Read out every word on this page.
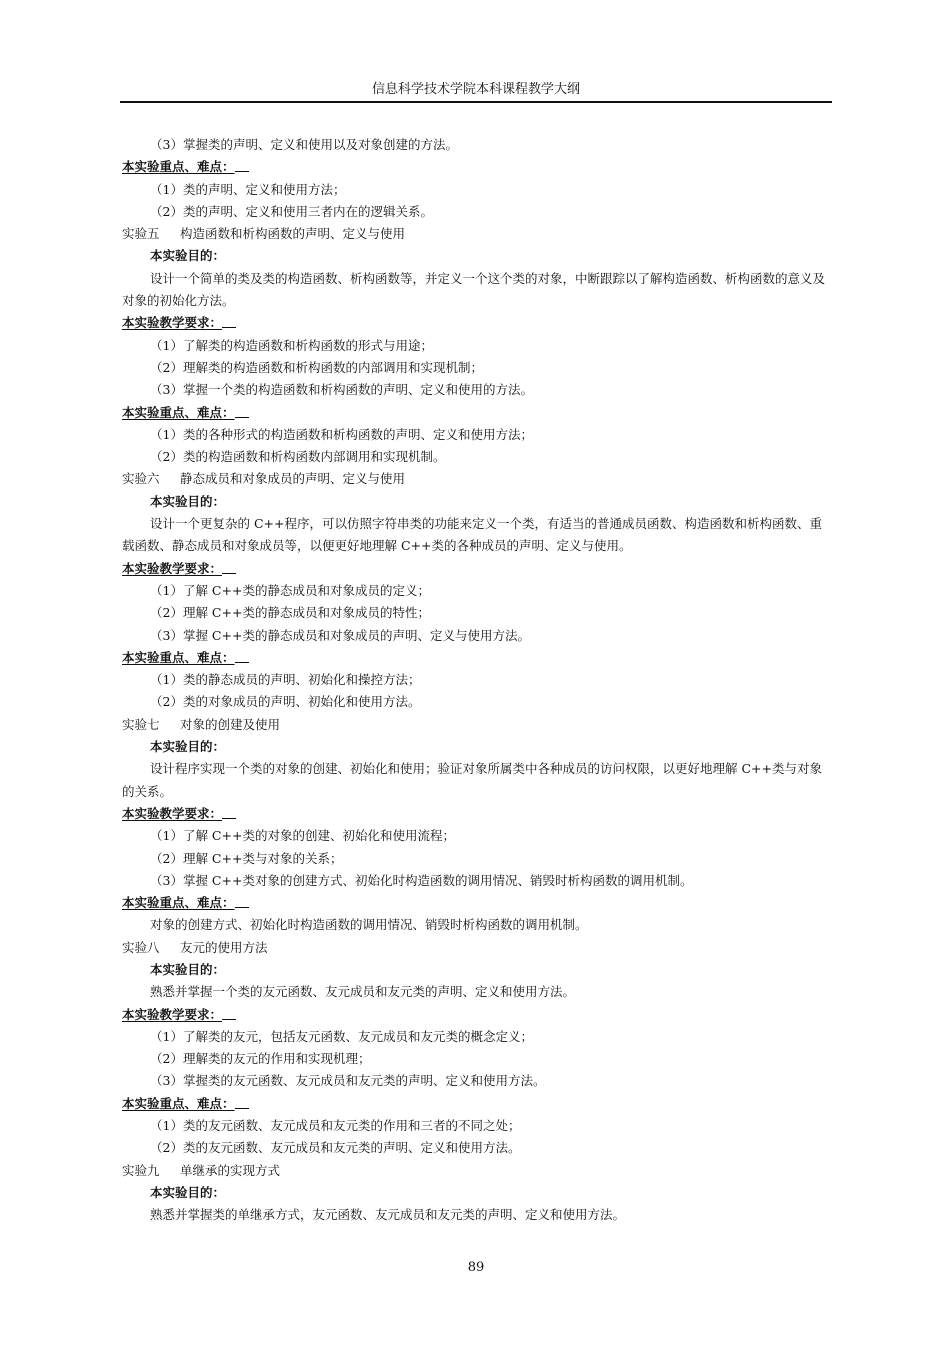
信息科学技术学院本科课程教学大纲
（3）掌握类的声明、定义和使用以及对象创建的方法。
本实验重点、难点：
（1）类的声明、定义和使用方法；
（2）类的声明、定义和使用三者内在的逻辑关系。
实验五 构造函数和析构函数的声明、定义与使用
本实验目的：
设计一个简单的类及类的构造函数、析构函数等，并定义一个这个类的对象，中断跟踪以了解构造函数、析构函数的意义及对象的初始化方法。
本实验教学要求：
（1）了解类的构造函数和析构函数的形式与用途；
（2）理解类的构造函数和析构函数的内部调用和实现机制；
（3）掌握一个类的构造函数和析构函数的声明、定义和使用的方法。
本实验重点、难点：
（1）类的各种形式的构造函数和析构函数的声明、定义和使用方法；
（2）类的构造函数和析构函数内部调用和实现机制。
实验六 静态成员和对象成员的声明、定义与使用
本实验目的：
设计一个更复杂的 C++程序，可以仿照字符串类的功能来定义一个类，有适当的普通成员函数、构造函数和析构函数、重载函数、静态成员和对象成员等，以便更好地理解 C++类的各种成员的声明、定义与使用。
本实验教学要求：
（1）了解 C++类的静态成员和对象成员的定义；
（2）理解 C++类的静态成员和对象成员的特性；
（3）掌握 C++类的静态成员和对象成员的声明、定义与使用方法。
本实验重点、难点：
（1）类的静态成员的声明、初始化和操控方法；
（2）类的对象成员的声明、初始化和使用方法。
实验七 对象的创建及使用
本实验目的：
设计程序实现一个类的对象的创建、初始化和使用；验证对象所属类中各种成员的访问权限，以更好地理解 C++类与对象的关系。
本实验教学要求：
（1）了解 C++类的对象的创建、初始化和使用流程；
（2）理解 C++类与对象的关系；
（3）掌握 C++类对象的创建方式、初始化时构造函数的调用情况、销毁时析构函数的调用机制。
本实验重点、难点：
对象的创建方式、初始化时构造函数的调用情况、销毁时析构函数的调用机制。
实验八 友元的使用方法
本实验目的：
熟悉并掌握一个类的友元函数、友元成员和友元类的声明、定义和使用方法。
本实验教学要求：
（1）了解类的友元，包括友元函数、友元成员和友元类的概念定义；
（2）理解类的友元的作用和实现机理；
（3）掌握类的友元函数、友元成员和友元类的声明、定义和使用方法。
本实验重点、难点：
（1）类的友元函数、友元成员和友元类的作用和三者的不同之处；
（2）类的友元函数、友元成员和友元类的声明、定义和使用方法。
实验九 单继承的实现方式
本实验目的：
熟悉并掌握类的单继承方式，友元函数、友元成员和友元类的声明、定义和使用方法。
89
